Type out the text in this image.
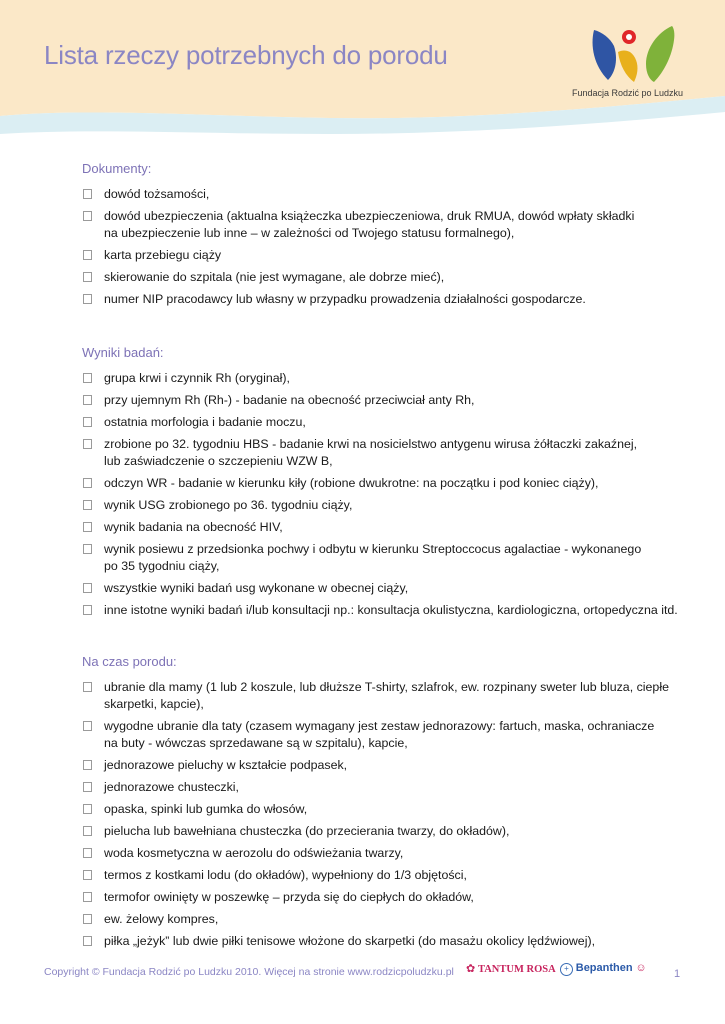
Lista rzeczy potrzebnych do porodu
Fundacja Rodzić po Ludzku
Dokumenty:
dowód tożsamości,
dowód ubezpieczenia (aktualna książeczka ubezpieczeniowa, druk RMUA, dowód wpłaty składki
na ubezpieczenie lub inne – w zależności od Twojego statusu formalnego),
karta przebiegu ciąży
skierowanie do szpitala (nie jest wymagane, ale dobrze mieć),
numer NIP pracodawcy lub własny w przypadku prowadzenia działalności gospodarcze.
Wyniki badań:
grupa krwi i czynnik Rh (oryginał),
przy ujemnym Rh (Rh-) - badanie na obecność przeciwciał anty Rh,
ostatnia morfologia i badanie moczu,
zrobione po 32. tygodniu HBS - badanie krwi na nosicielstwo antygenu wirusa żółtaczki zakaźnej,
lub zaświadczenie o szczepieniu WZW B,
odczyn WR - badanie w kierunku kiły (robione dwukrotne: na początku i pod koniec ciąży),
wynik USG zrobionego po 36. tygodniu ciąży,
wynik badania na obecność HIV,
wynik posiewu z przedsionka pochwy i odbytu w kierunku Streptoccocus agalactiae - wykonanego
po 35 tygodniu ciąży,
wszystkie wyniki badań usg wykonane w obecnej ciąży,
inne istotne wyniki badań i/lub konsultacji np.: konsultacja okulistyczna, kardiologiczna, ortopedyczna itd.
Na czas porodu:
ubranie dla mamy (1 lub 2 koszule, lub dłuższe T-shirty, szlafrok, ew. rozpinany sweter lub bluza, ciepłe
skarpetki, kapcie),
wygodne ubranie dla taty (czasem wymagany jest zestaw jednorazowy: fartuch, maska, ochraniacze
na buty - wówczas sprzedawane są w szpitalu), kapcie,
jednorazowe pieluchy w kształcie podpasek,
jednorazowe chusteczki,
opaska, spinki lub gumka do włosów,
pielucha lub bawełniana chusteczka (do przecierania twarzy, do okładów),
woda kosmetyczna w aerozolu do odświeżania twarzy,
termos z kostkami lodu (do okładów), wypełniony do 1/3 objętości,
termofor owinięty w poszewkę – przyda się do ciepłych do okładów,
ew. żelowy kompres,
piłka „jeżyk” lub dwie piłki tenisowe włożone do skarpetki (do masażu okolicy lędźwiowej),
Copyright © Fundacja Rodzić po Ludzku 2010. Więcej na stronie www.rodzicpoludzku.pl ✿ TANTUM ROSA	+ Bepanthen ☺ 1
